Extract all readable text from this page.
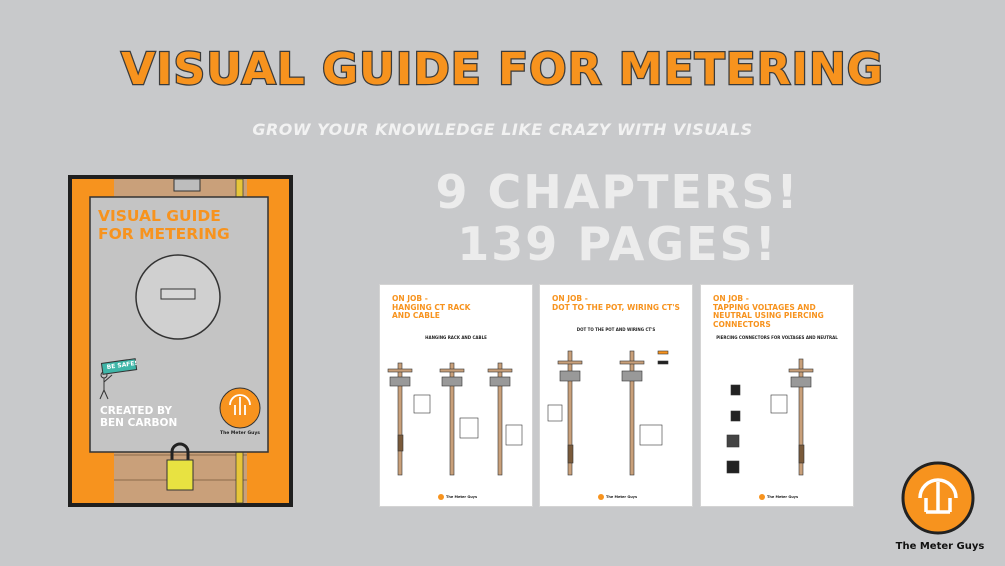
VISUAL GUIDE FOR METERING
GROW YOUR KNOWLEDGE LIKE CRAZY WITH VISUALS
9 CHAPTERS!
139 PAGES!
VISUAL GUIDE
FOR METERING
BE SAFE!
CREATED BY
BEN CARBON
The Meter Guys
ON JOB -
HANGING CT RACK
AND CABLE
HANGING RACK AND CABLE
The Meter Guys
ON JOB -
DOT TO THE POT, WIRING CT'S
DOT TO THE POT AND WIRING CT'S
The Meter Guys
ON JOB -
TAPPING VOLTAGES AND
NEUTRAL USING PIERCING
CONNECTORS
PIERCING CONNECTORS FOR VOLTAGES AND NEUTRAL
The Meter Guys
The Meter Guys
